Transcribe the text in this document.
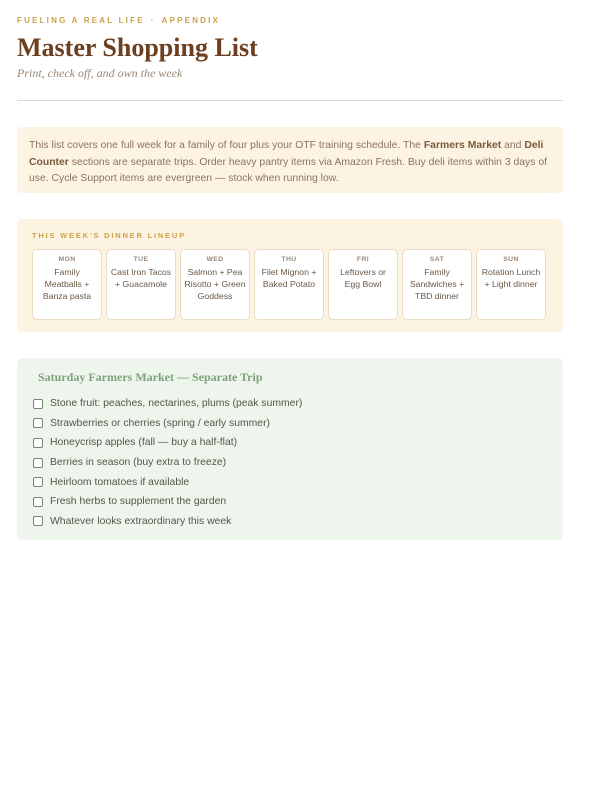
FUELING A REAL LIFE · APPENDIX
Master Shopping List

Print, check off, and own the week

This list covers one full week for a family of four plus your OTF training schedule. The Farmers Market and Deli Counter sections are separate trips. Order heavy pantry items via Amazon Fresh. Buy deli items within 3 days of use. Cycle Support items are evergreen — stock when running low.
THIS WEEK'S DINNER LINEUP
MON
Family Meatballs + Banza pasta
TUE
Cast Iron Tacos + Guacamole
WED
Salmon + Pea Risotto + Green Goddess
THU
Filet Mignon + Baked Potato
FRI
Leftovers or Egg Bowl
SAT
Family Sandwiches + TBD dinner
SUN
Rotation Lunch + Light dinner
Saturday Farmers Market — Separate Trip
Stone fruit: peaches, nectarines, plums (peak summer)
Strawberries or cherries (spring / early summer)
Honeycrisp apples (fall — buy a half-flat)
Berries in season (buy extra to freeze)
Heirloom tomatoes if available
Fresh herbs to supplement the garden
Whatever looks extraordinary this week
